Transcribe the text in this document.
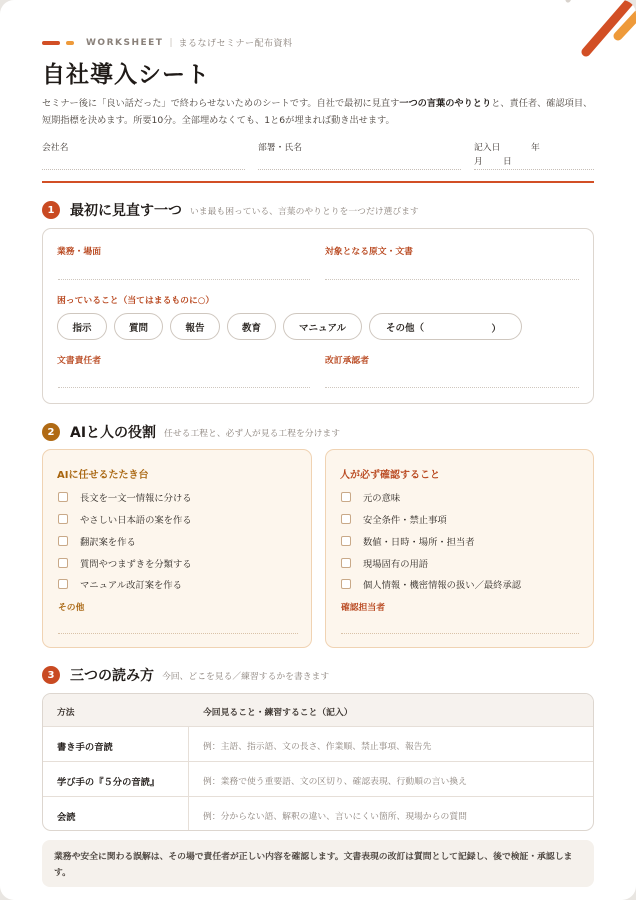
WORKSHEET | まるなげセミナー配布資料
自社導入シート
セミナー後に「良い話だった」で終わらせないためのシートです。自社で最初に見直す一つの言葉のやりとりと、責任者、確認項目、短期指標を決めます。所要10分。全部埋めなくても、1と6が埋まれば動き出せます。
会社名	部署・氏名	記入日	年
月 日
1	最初に見直す一つ いま最も困っている、言葉のやりとりを一つだけ選びます
業務・場面	対象となる原文・文書
困っていること（当てはまるものに○）
文書責任者	改訂承認者
指示	質問	報告	教育	マニュアル	その他（	）
2	AIと人の役割 任せる工程と、必ず人が見る工程を分けます
AIに任せるたたき台
長文を一文一情報に分ける
やさしい日本語の案を作る
翻訳案を作る
質問やつまずきを分類する
マニュアル改訂案を作る
その他
人が必ず確認すること
元の意味
安全条件・禁止事項
数値・日時・場所・担当者
現場固有の用語
個人情報・機密情報の扱い／最終承認
確認担当者
3	三つの読み方 今回、どこを見る／練習するかを書きます
方法	今回見ること・練習すること（記入）
書き手の音読	例：主語、指示語、文の長さ、作業順、禁止事項、報告先
学び手の『５分の音読』	例：業務で使う重要語、文の区切り、確認表現、行動順の言い換え
会読	例：分からない語、解釈の違い、言いにくい箇所、現場からの質問
業務や安全に関わる誤解は、その場で責任者が正しい内容を確認します。文書表現の改訂は質問として記録し、後で検証・承認します。
